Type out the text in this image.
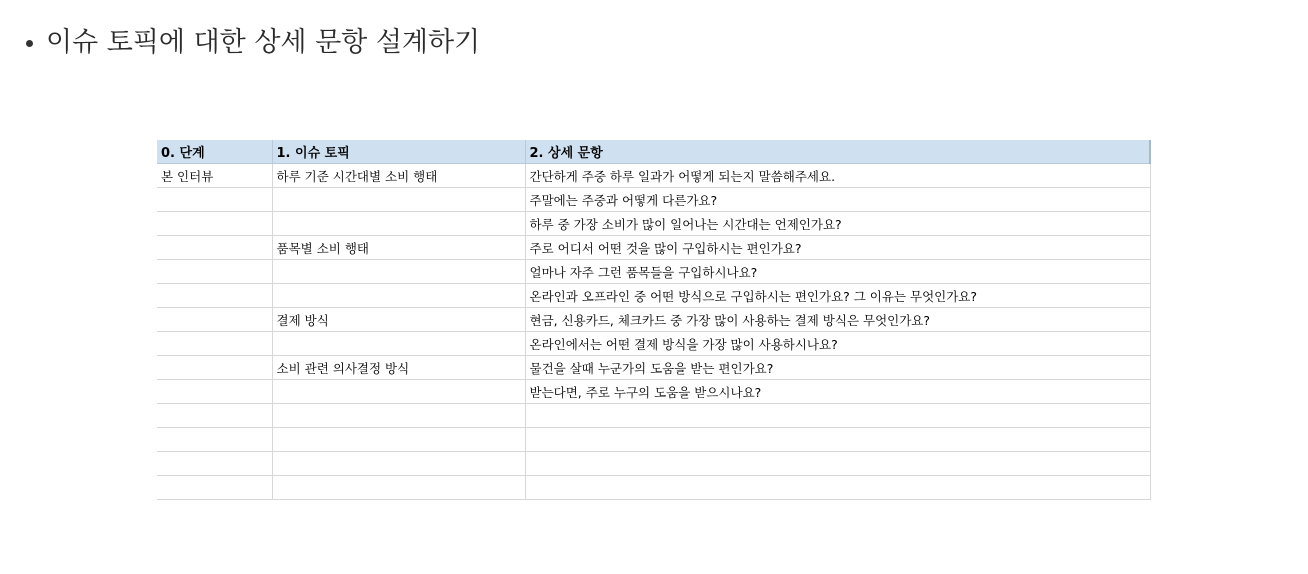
이슈 토픽에 대한 상세 문항 설계하기
0. 단계	1. 이슈 토픽	2. 상세 문항
본 인터뷰	하루 기준 시간대별 소비 행태	간단하게 주중 하루 일과가 어떻게 되는지 말씀해주세요.
		주말에는 주중과 어떻게 다른가요?
		하루 중 가장 소비가 많이 일어나는 시간대는 언제인가요?
	품목별 소비 행태	주로 어디서 어떤 것을 많이 구입하시는 편인가요?
		얼마나 자주 그런 품목들을 구입하시나요?
		온라인과 오프라인 중 어떤 방식으로 구입하시는 편인가요? 그 이유는 무엇인가요?
	결제 방식	현금, 신용카드, 체크카드 중 가장 많이 사용하는 결제 방식은 무엇인가요?
		온라인에서는 어떤 결제 방식을 가장 많이 사용하시나요?
	소비 관련 의사결정 방식	물건을 살때 누군가의 도움을 받는 편인가요?
		받는다면, 주로 누구의 도움을 받으시나요?
